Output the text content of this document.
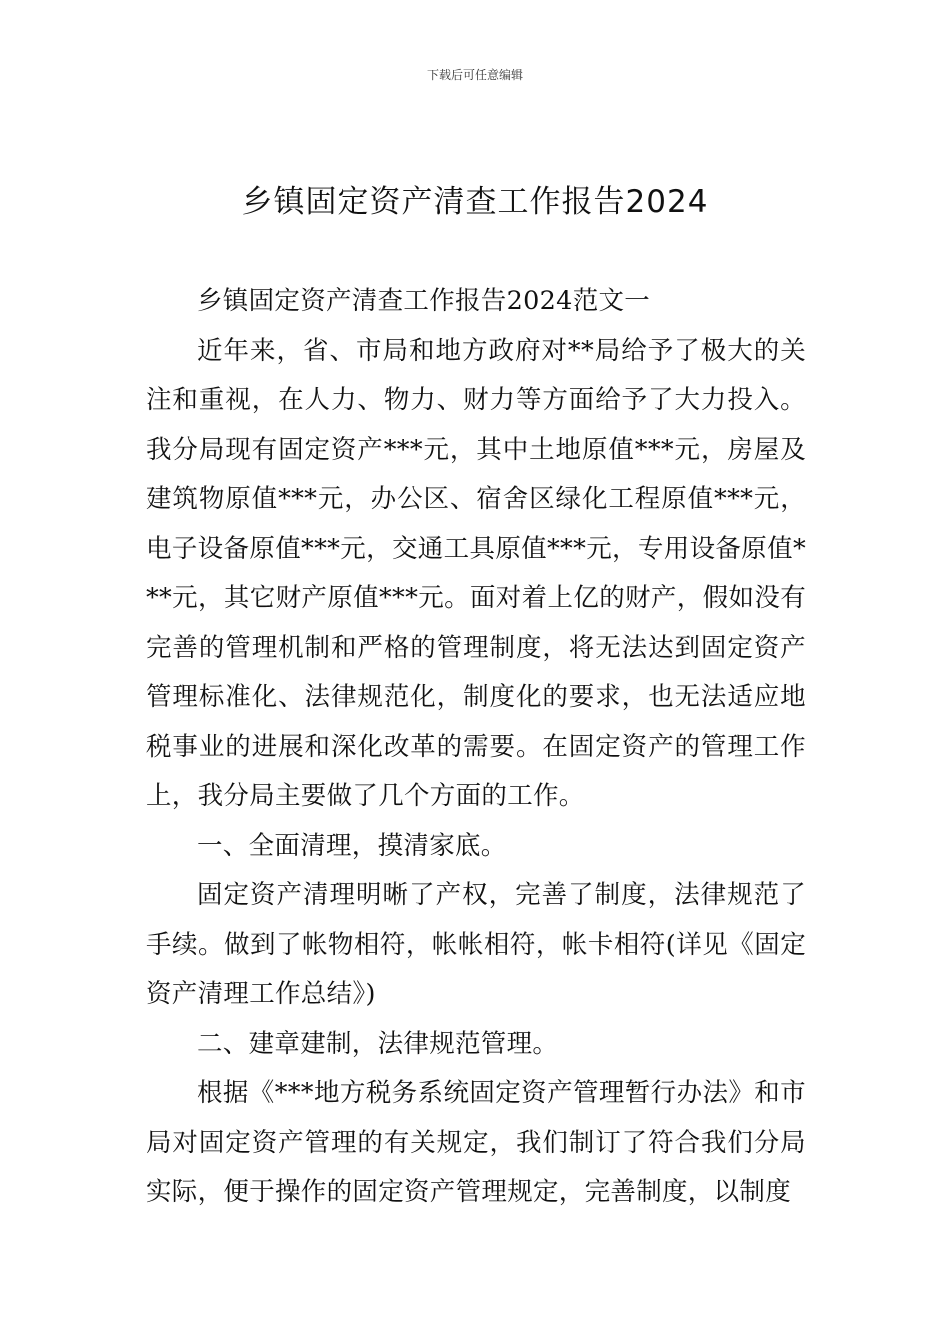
下载后可任意编辑
乡镇固定资产清查工作报告2024

乡镇固定资产清查工作报告2024范文一

近年来，省、市局和地方政府对**局给予了极大的关注和重视，在人力、物力、财力等方面给予了大力投入。我分局现有固定资产***元，其中土地原值***元，房屋及建筑物原值***元，办公区、宿舍区绿化工程原值***元，电子设备原值***元，交通工具原值***元，专用设备原值***元，其它财产原值***元。面对着上亿的财产，假如没有完善的管理机制和严格的管理制度，将无法达到固定资产管理标准化、法律规范化，制度化的要求，也无法适应地税事业的进展和深化改革的需要。在固定资产的管理工作上，我分局主要做了几个方面的工作。

一、全面清理，摸清家底。

固定资产清理明晰了产权，完善了制度，法律规范了手续。做到了帐物相符，帐帐相符，帐卡相符(详见《固定资产清理工作总结》)

二、建章建制，法律规范管理。

根据《***地方税务系统固定资产管理暂行办法》和市局对固定资产管理的有关规定，我们制订了符合我们分局实际，便于操作的固定资产管理规定，完善制度，以制度
